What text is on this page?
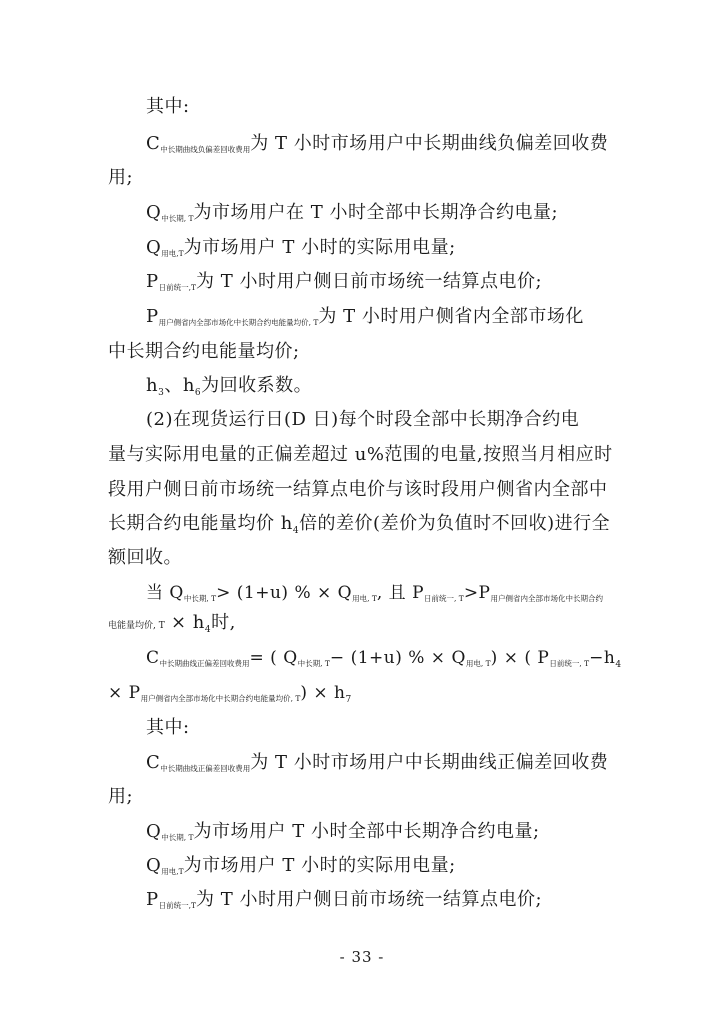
其中:
$C_{中长期曲线负偏差回收费用}$为 T 小时市场用户中长期曲线负偏差回收费
用;
$Q_{中长期, T}$为市场用户在 T 小时全部中长期净合约电量;
$Q_{用电,T}$为市场用户 T 小时的实际用电量;
$P_{日前统一,T}$为 T 小时用户侧日前市场统一结算点电价;
$P_{用户侧省内全部市场化中长期合约电能量均价, T}$为 T 小时用户侧省内全部市场化
中长期合约电能量均价;
$h_3$、$h_6$为回收系数。
(2)在现货运行日(D 日)每个时段全部中长期净合约电
量与实际用电量的正偏差超过 u%范围的电量,按照当月相应时
段用户侧日前市场统一结算点电价与该时段用户侧省内全部中
长期合约电能量均价 $h_4$倍的差价(差价为负值时不回收)进行全
额回收。
当 $Q_{中长期, T}> (1+u)$ % × $Q_{用电, T}$, 且 $P_{日前统一, T}>P_{用户侧省内全部市场化中长期合约}$
电能量均价, $T \times h_4$时,
$C_{中长期曲线正偏差回收费用}=$ ( $Q_{中长期, T}- (1+u)$ % × $Q_{用电, T}$) × ( $P_{日前统一, T}-h_4$
× $P_{用户侧省内全部市场化中长期合约电能量均价, T}) \times h_7$
其中:
$C_{中长期曲线正偏差回收费用}$为 T 小时市场用户中长期曲线正偏差回收费
用;
$Q_{中长期, T}$为市场用户 T 小时全部中长期净合约电量;
$Q_{用电,T}$为市场用户 T 小时的实际用电量;
$P_{日前统一,T}$为 T 小时用户侧日前市场统一结算点电价;
- 33 -
